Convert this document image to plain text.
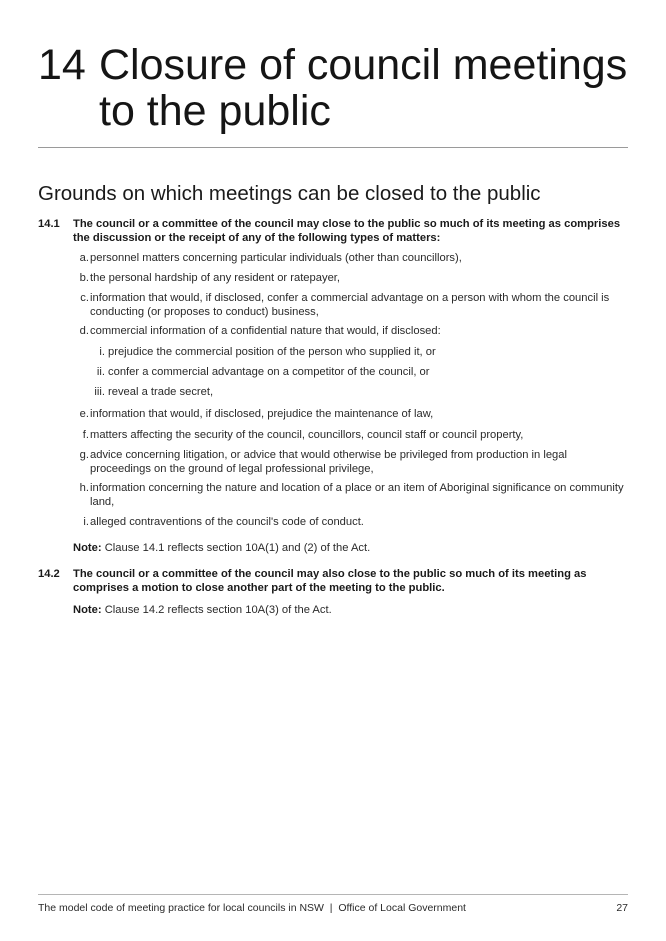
14 Closure of council meetings to the public
Grounds on which meetings can be closed to the public
14.1 The council or a committee of the council may close to the public so much of its meeting as comprises the discussion or the receipt of any of the following types of matters:
a. personnel matters concerning particular individuals (other than councillors),
b. the personal hardship of any resident or ratepayer,
c. information that would, if disclosed, confer a commercial advantage on a person with whom the council is conducting (or proposes to conduct) business,
d. commercial information of a confidential nature that would, if disclosed:
i. prejudice the commercial position of the person who supplied it, or
ii. confer a commercial advantage on a competitor of the council, or
iii. reveal a trade secret,
e. information that would, if disclosed, prejudice the maintenance of law,
f. matters affecting the security of the council, councillors, council staff or council property,
g. advice concerning litigation, or advice that would otherwise be privileged from production in legal proceedings on the ground of legal professional privilege,
h. information concerning the nature and location of a place or an item of Aboriginal significance on community land,
i. alleged contraventions of the council's code of conduct.
Note: Clause 14.1 reflects section 10A(1) and (2) of the Act.
14.2 The council or a committee of the council may also close to the public so much of its meeting as comprises a motion to close another part of the meeting to the public.
Note: Clause 14.2 reflects section 10A(3) of the Act.
The model code of meeting practice for local councils in NSW  |  Office of Local Government	27
